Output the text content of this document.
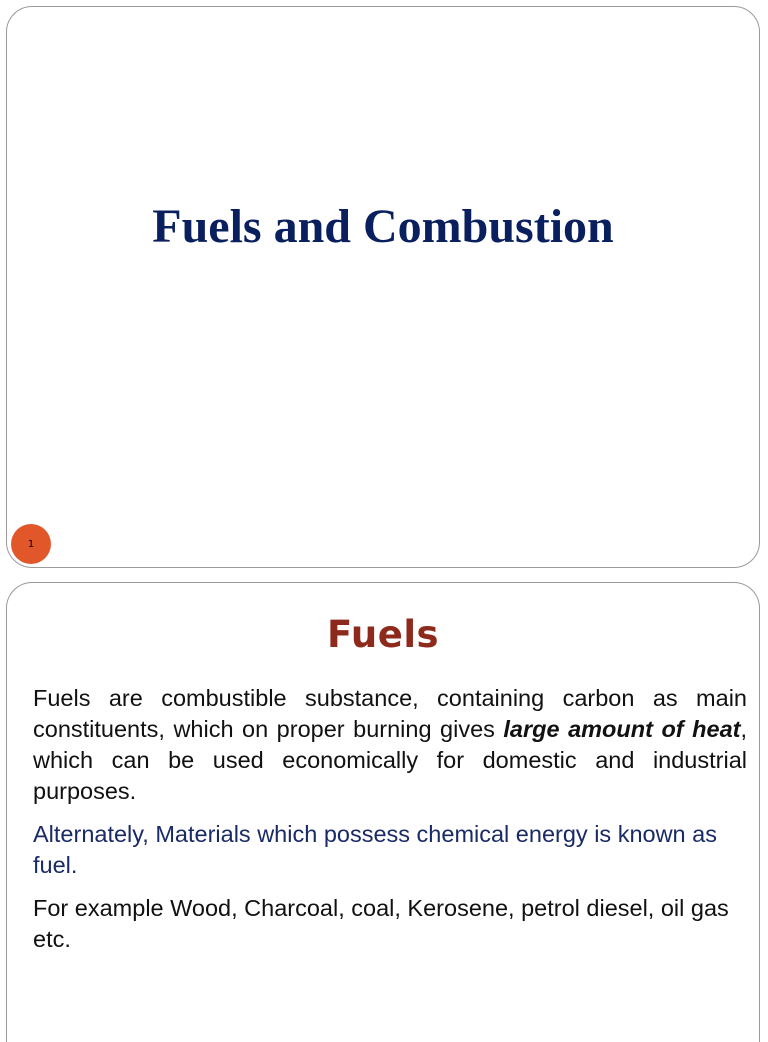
Fuels and Combustion
1
Fuels

Fuels are combustible substance, containing carbon as main constituents, which on proper burning gives large amount of heat, which can be used economically for domestic and industrial purposes.

Alternately, Materials which possess chemical energy is known as fuel.

For example Wood, Charcoal, coal, Kerosene, petrol diesel, oil gas etc.
